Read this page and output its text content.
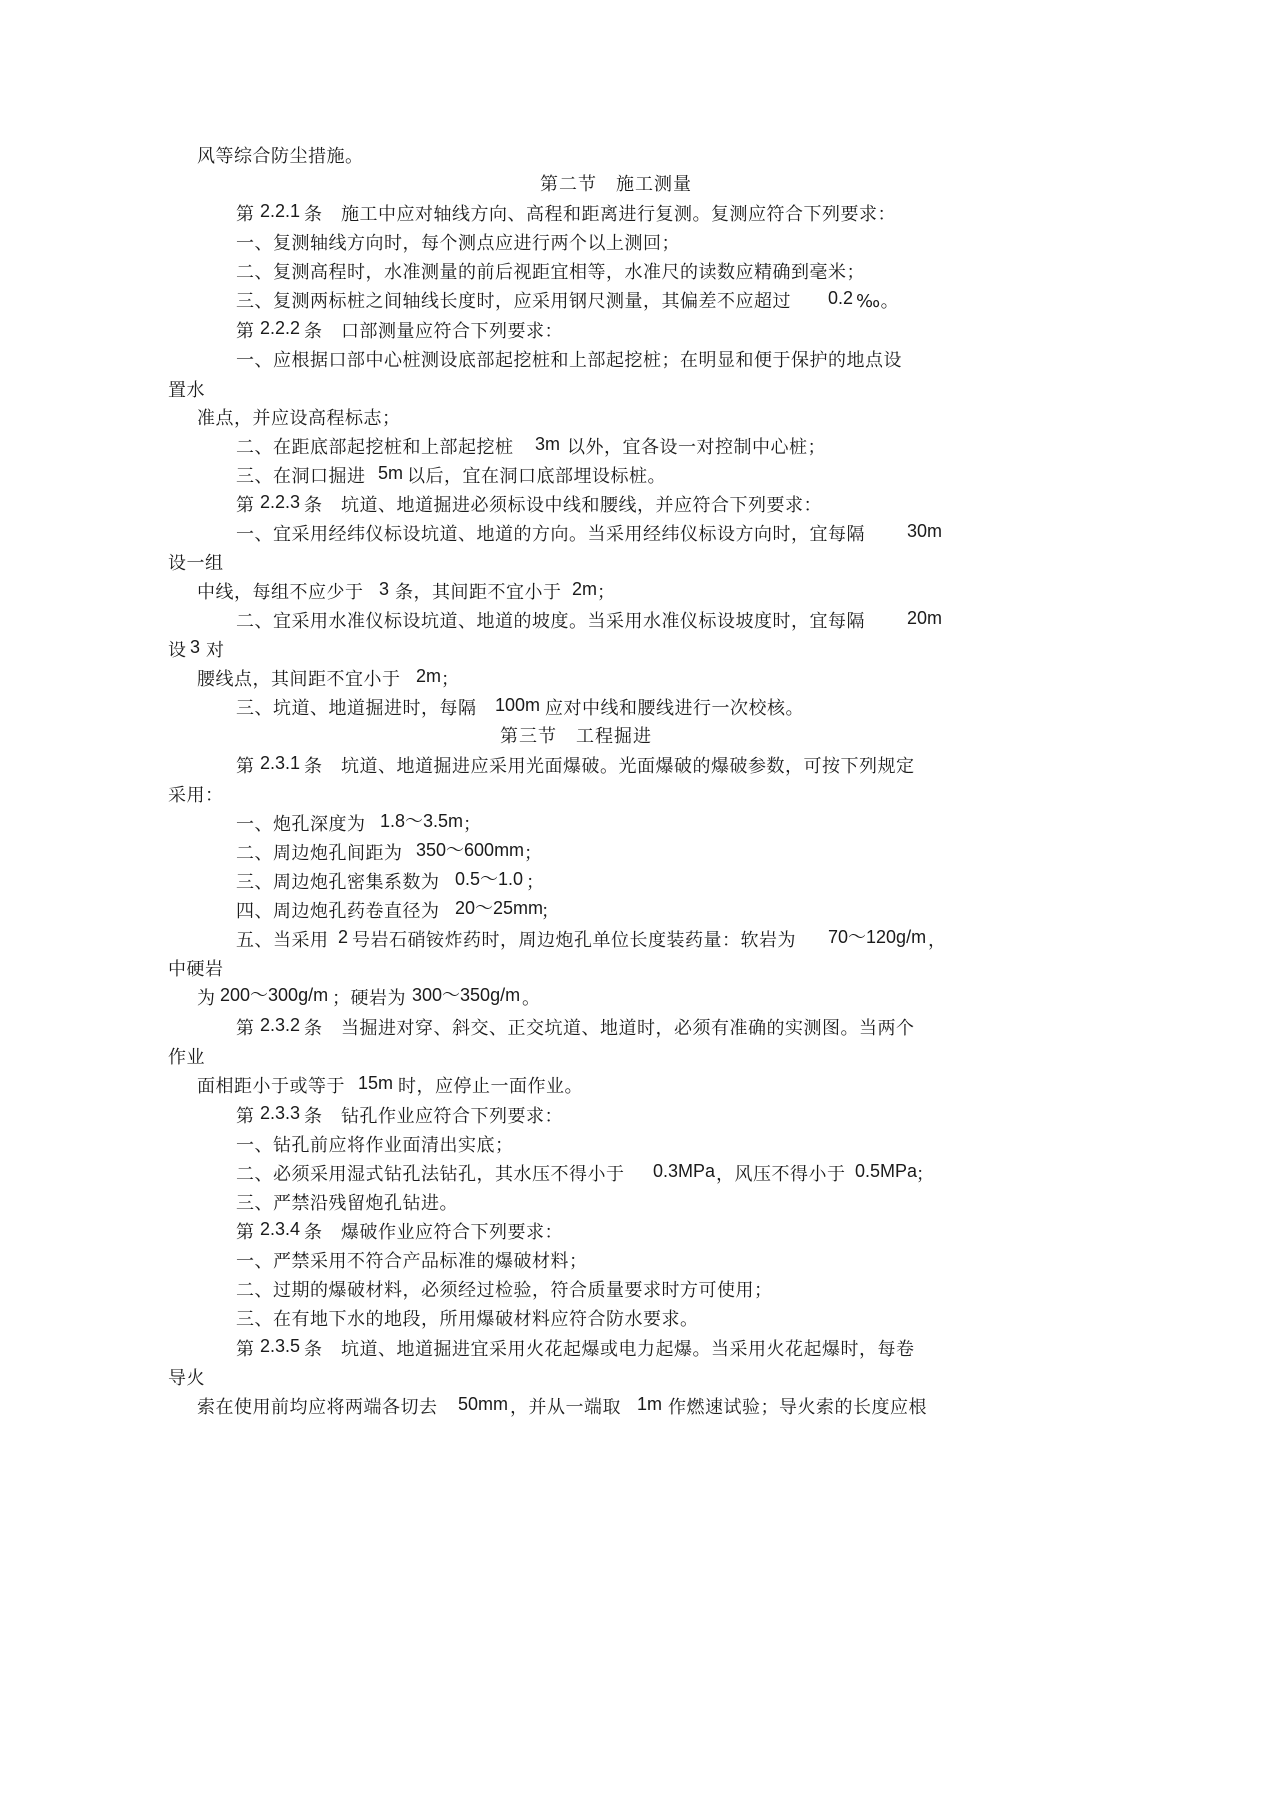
风等综合防尘措施。
第二节　施工测量
第 2.2.1 条　施工中应对轴线方向、高程和距离进行复测。复测应符合下列要求：
一、复测轴线方向时，每个测点应进行两个以上测回；
二、复测高程时，水准测量的前后视距宜相等，水准尺的读数应精确到毫米；
三、复测两标桩之间轴线长度时，应采用钢尺测量，其偏差不应超过 0.2 ‰。
第 2.2.2 条　口部测量应符合下列要求：
一、应根据口部中心桩测设底部起挖桩和上部起挖桩；在明显和便于保护的地点设
置水
准点，并应设高程标志；
二、在距底部起挖桩和上部起挖桩 3m 以外，宜各设一对控制中心桩；
三、在洞口掘进 5m 以后，宜在洞口底部埋设标桩。
第 2.2.3 条　坑道、地道掘进必须标设中线和腰线，并应符合下列要求：
一、宜采用经纬仪标设坑道、地道的方向。当采用经纬仪标设方向时，宜每隔 30m
设一组
中线，每组不应少于 3 条，其间距不宜小于 2m ；
二、宜采用水准仪标设坑道、地道的坡度。当采用水准仪标设坡度时，宜每隔 20m
设 3 对
腰线点，其间距不宜小于 2m ；
三、坑道、地道掘进时，每隔 100m 应对中线和腰线进行一次校核。
第三节　工程掘进
第 2.3.1 条　坑道、地道掘进应采用光面爆破。光面爆破的爆破参数，可按下列规定
采用：
一、炮孔深度为 1.8～3.5m ；
二、周边炮孔间距为 350～600mm ；
三、周边炮孔密集系数为 0.5～1.0 ；
四、周边炮孔药卷直径为 20～25mm
；
五、当采用 2 号岩石硝铵炸药时，周边炮孔单位长度装药量：软岩为 70～120g/m ，
中硬岩
为 200～300g/m ；硬岩为 300～350g/m 。
第 2.3.2 条　当掘进对穿、斜交、正交坑道、地道时，必须有准确的实测图。当两个
作业
面相距小于或等于 15m 时，应停止一面作业。
第 2.3.3 条　钻孔作业应符合下列要求：
一、钻孔前应将作业面清出实底；
二、必须采用湿式钻孔法钻孔，其水压不得小于 0.3MPa ，风压不得小于 0.5MPa
；
三、严禁沿残留炮孔钻进。
第 2.3.4 条　爆破作业应符合下列要求：
一、严禁采用不符合产品标准的爆破材料；
二、过期的爆破材料，必须经过检验，符合质量要求时方可使用；
三、在有地下水的地段，所用爆破材料应符合防水要求。
第 2.3.5 条　坑道、地道掘进宜采用火花起爆或电力起爆。当采用火花起爆时，每卷
导火
索在使用前均应将两端各切去 50mm ，并从一端取 1m 作燃速试验；导火索的长度应根
